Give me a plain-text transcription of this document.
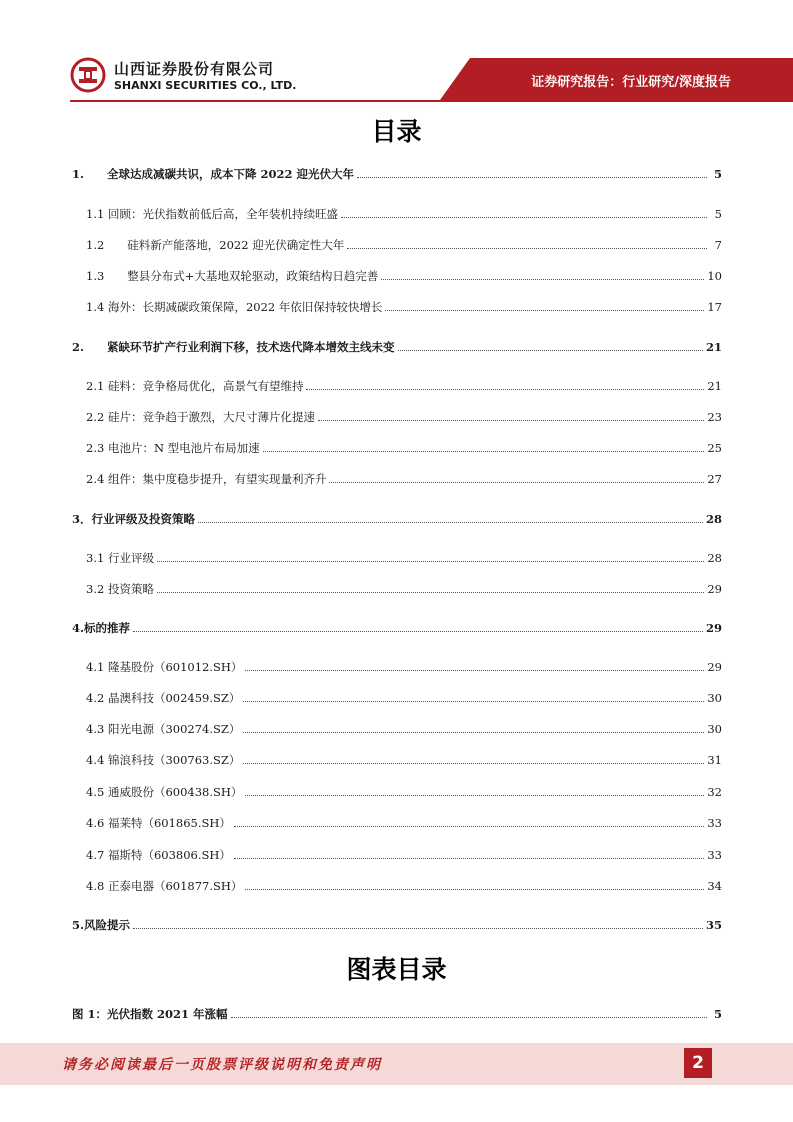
山西证券股份有限公司
SHANXI SECURITIES CO., LTD.	证券研究报告：行业研究/深度报告
目录
1.　　全球达成减碳共识，成本下降 2022 迎光伏大年	5
1.1 回顾：光伏指数前低后高，全年装机持续旺盛	5
1.2　　硅料新产能落地，2022 迎光伏确定性大年	7
1.3　　整县分布式+大基地双轮驱动，政策结构日趋完善	10
1.4 海外：长期减碳政策保障，2022 年依旧保持较快增长	17
2.　　紧缺环节扩产行业利润下移，技术迭代降本增效主线未变	21
2.1 硅料：竞争格局优化，高景气有望维持	21
2.2 硅片：竞争趋于激烈，大尺寸薄片化提速	23
2.3 电池片：N 型电池片布局加速	25
2.4 组件：集中度稳步提升，有望实现量利齐升	27
3．行业评级及投资策略	28
3.1 行业评级	28
3.2 投资策略	29
4.标的推荐	29
4.1 隆基股份（601012.SH）	29
4.2 晶澳科技（002459.SZ）	30
4.3 阳光电源（300274.SZ）	30
4.4 锦浪科技（300763.SZ）	31
4.5 通威股份（600438.SH）	32
4.6 福莱特（601865.SH）	33
4.7 福斯特（603806.SH）	33
4.8 正泰电器（601877.SH）	34
5.风险提示	35
图表目录
图 1：光伏指数 2021 年涨幅	5
请务必阅读最后一页股票评级说明和免责声明	2
